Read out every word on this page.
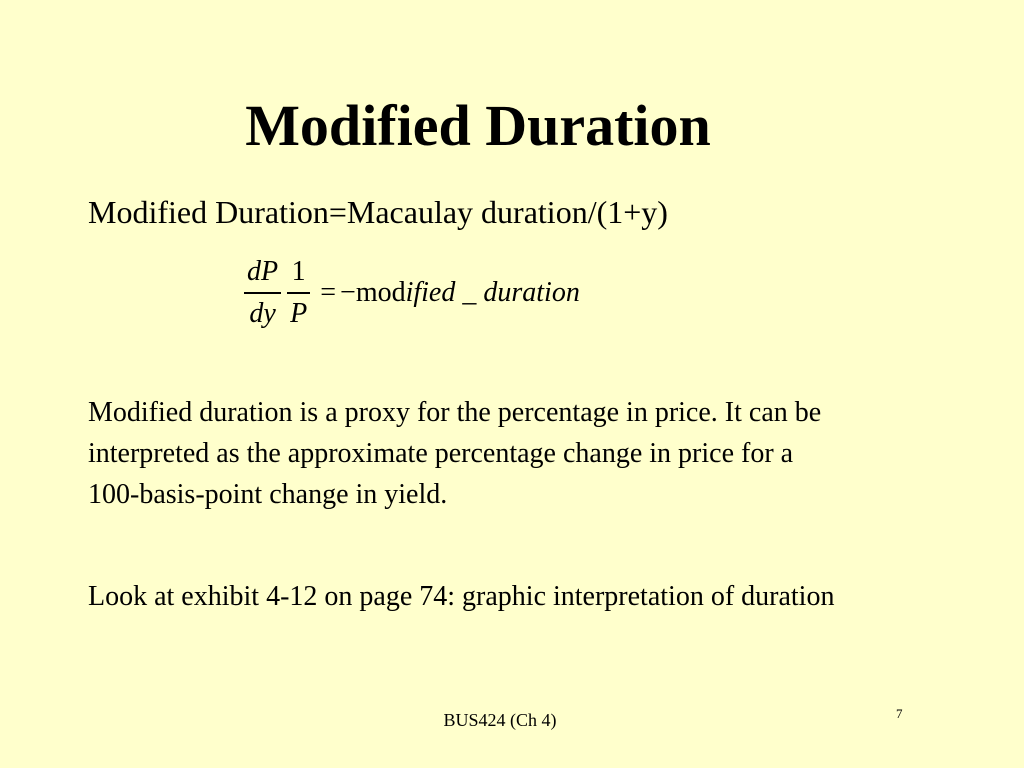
Modified Duration
Modified Duration=Macaulay duration/(1+y)
$\frac{dP}{dy} \frac{1}{P}$ = − mod ified _ duration
Modified duration is a proxy for the percentage in price. It can be interpreted as the approximate percentage change in price for a 100-basis-point change in yield.
Look at exhibit 4-12 on page 74: graphic interpretation of duration
BUS424 (Ch 4)	7
